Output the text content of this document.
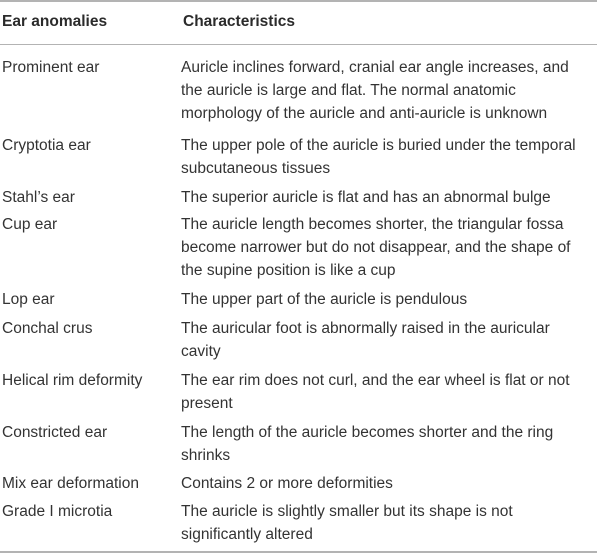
Ear anomalies	Characteristics
Prominent ear	Auricle inclines forward, cranial ear angle increases, and the auricle is large and flat. The normal anatomic morphology of the auricle and anti-auricle is unknown
Cryptotia ear	The upper pole of the auricle is buried under the temporal subcutaneous tissues
Stahl’s ear	The superior auricle is flat and has an abnormal bulge
Cup ear	The auricle length becomes shorter, the triangular fossa become narrower but do not disappear, and the shape of the supine position is like a cup
Lop ear	The upper part of the auricle is pendulous
Conchal crus	The auricular foot is abnormally raised in the auricular cavity
Helical rim deformity	The ear rim does not curl, and the ear wheel is flat or not present
Constricted ear	The length of the auricle becomes shorter and the ring shrinks
Mix ear deformation	Contains 2 or more deformities
Grade I microtia	The auricle is slightly smaller but its shape is not significantly altered
